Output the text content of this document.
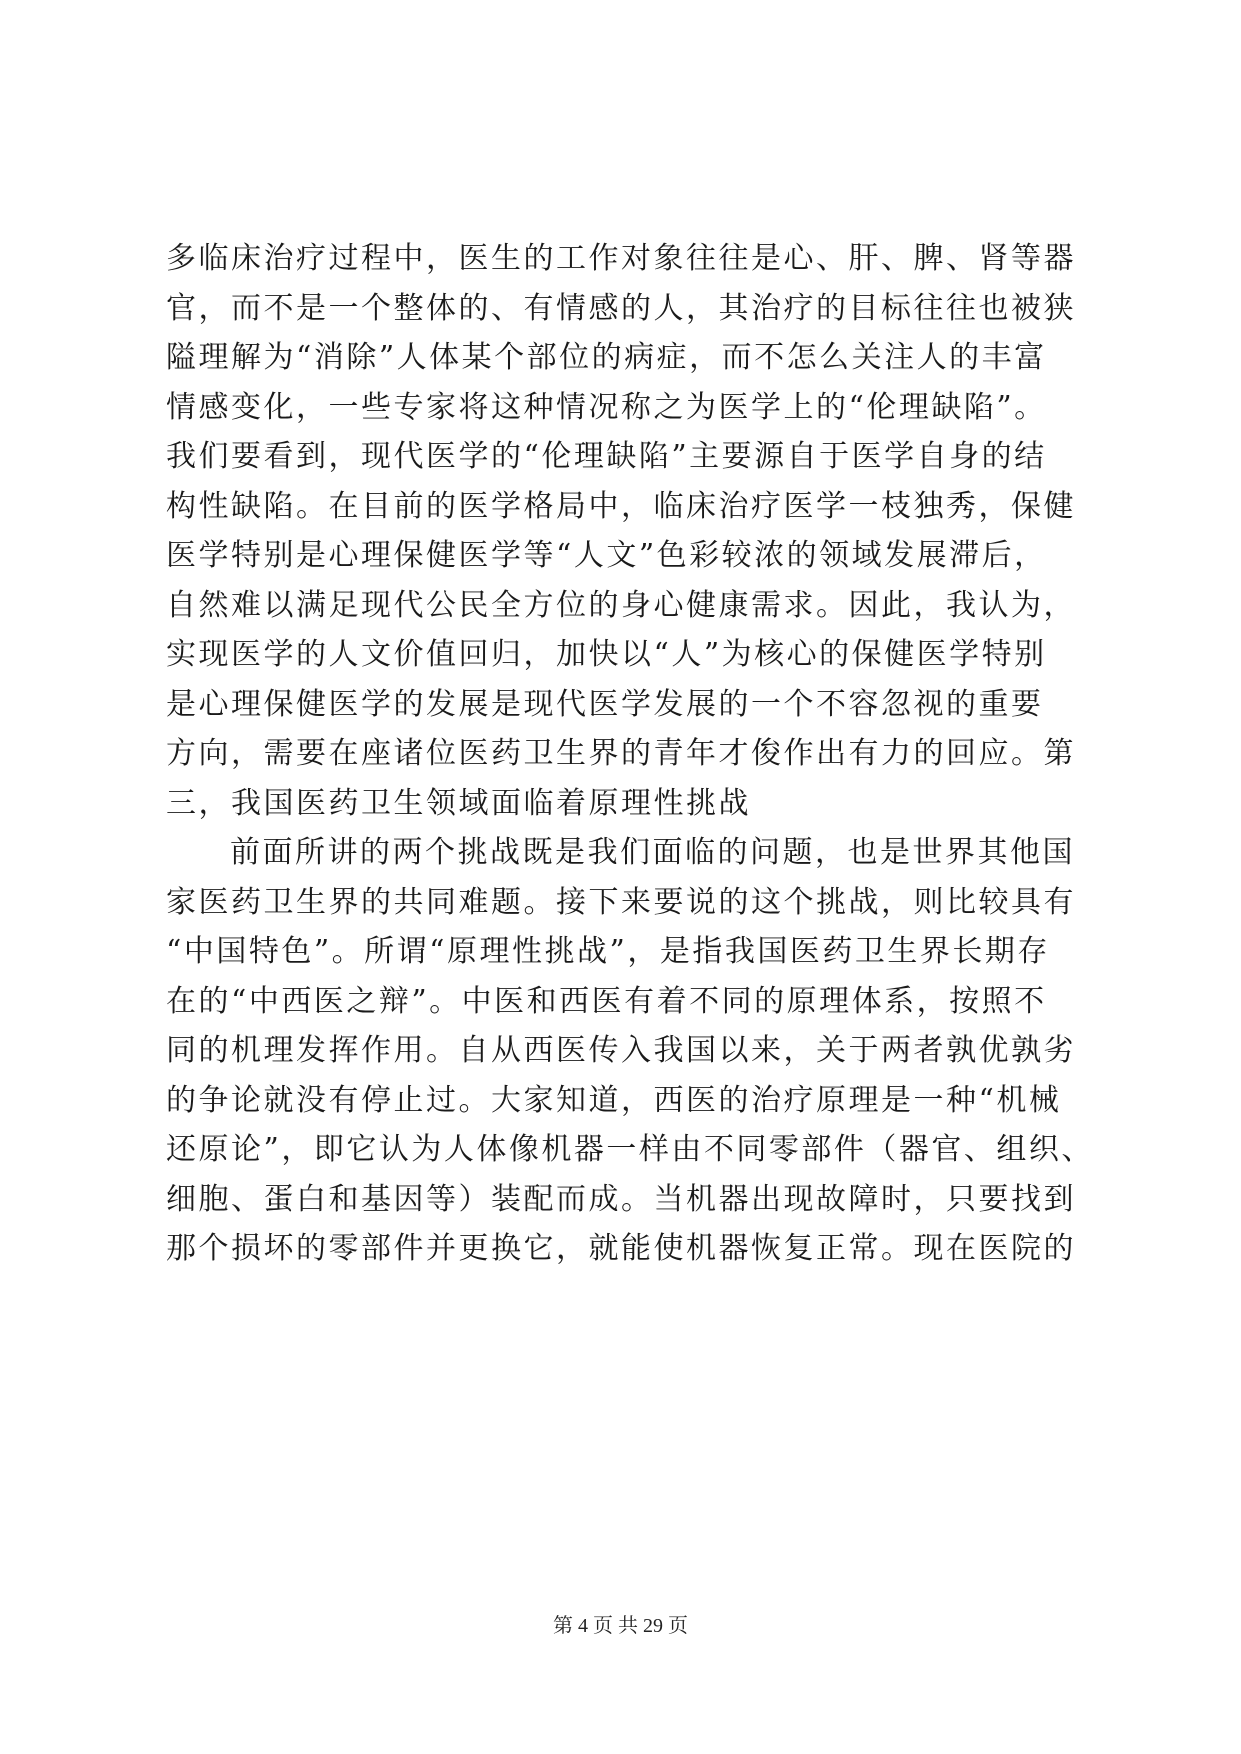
多临床治疗过程中，医生的工作对象往往是心、肝、脾、肾等器
官，而不是一个整体的、有情感的人，其治疗的目标往往也被狭
隘理解为“消除”人体某个部位的病症，而不怎么关注人的丰富
情感变化，一些专家将这种情况称之为医学上的“伦理缺陷”。
我们要看到，现代医学的“伦理缺陷”主要源自于医学自身的结
构性缺陷。在目前的医学格局中，临床治疗医学一枝独秀，保健
医学特别是心理保健医学等“人文”色彩较浓的领域发展滞后，
自然难以满足现代公民全方位的身心健康需求。因此，我认为，
实现医学的人文价值回归，加快以“人”为核心的保健医学特别
是心理保健医学的发展是现代医学发展的一个不容忽视的重要
方向，需要在座诸位医药卫生界的青年才俊作出有力的回应。第
三，我国医药卫生领域面临着原理性挑战
前面所讲的两个挑战既是我们面临的问题，也是世界其他国
家医药卫生界的共同难题。接下来要说的这个挑战，则比较具有
“中国特色”。所谓“原理性挑战”，是指我国医药卫生界长期存
在的“中西医之辩”。中医和西医有着不同的原理体系，按照不
同的机理发挥作用。自从西医传入我国以来，关于两者孰优孰劣
的争论就没有停止过。大家知道，西医的治疗原理是一种“机械
还原论”，即它认为人体像机器一样由不同零部件（器官、组织、
细胞、蛋白和基因等）装配而成。当机器出现故障时，只要找到
那个损坏的零部件并更换它，就能使机器恢复正常。现在医院的
第 4 页 共 29 页
